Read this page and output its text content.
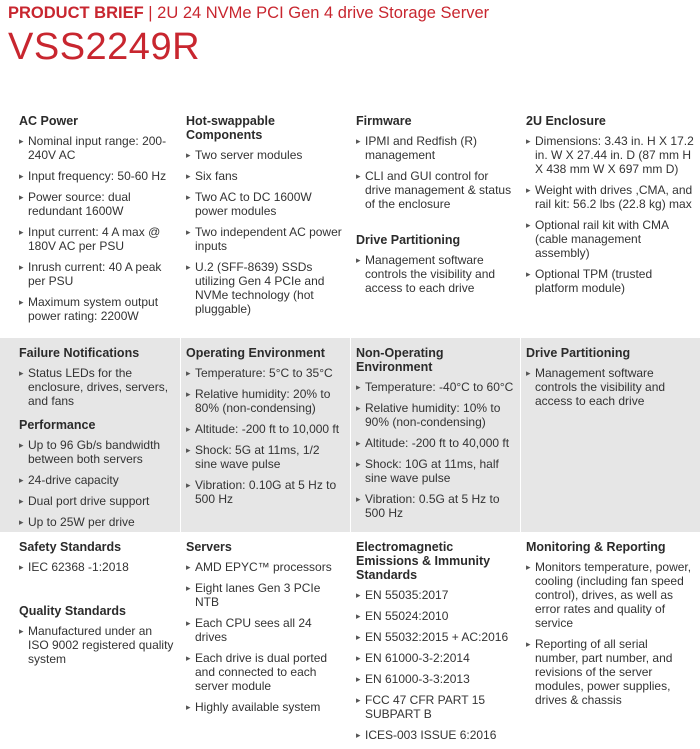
PRODUCT BRIEF | 2U 24 NVMe PCI Gen 4 drive Storage Server
VSS2249R
AC Power
▸ Nominal input range: 200-240V AC
▸ Input frequency: 50-60 Hz
▸ Power source: dual redundant 1600W
▸ Input current: 4 A max @ 180V AC per PSU
▸ Inrush current: 40 A peak per PSU
▸ Maximum system output power rating: 2200W
Hot-swappable Components
▸ Two server modules
▸ Six fans
▸ Two AC to DC 1600W power modules
▸ Two independent AC power inputs
▸ U.2 (SFF-8639) SSDs utilizing Gen 4 PCIe and NVMe technology (hot pluggable)
Firmware
▸ IPMI and Redfish (R) management
▸ CLI and GUI control for drive management & status of the enclosure
Drive Partitioning
▸ Management software controls the visibility and access to each drive
2U Enclosure
▸ Dimensions: 3.43 in. H X 17.2 in. W X 27.44 in. D (87 mm H X 438 mm W X 697 mm D)
▸ Weight with drives ,CMA, and rail kit: 56.2 lbs (22.8 kg) max
▸ Optional rail kit with CMA (cable management assembly)
▸ Optional TPM (trusted platform module)
Failure Notifications
▸ Status LEDs for the enclosure, drives, servers, and fans
Performance
▸ Up to 96 Gb/s bandwidth between both servers
▸ 24-drive capacity
▸ Dual port drive support
▸ Up to 25W per drive
Operating Environment
▸ Temperature: 5°C to 35°C
▸ Relative humidity: 20% to 80% (non-condensing)
▸ Altitude: -200 ft to 10,000 ft
▸ Shock: 5G at 11ms, 1/2 sine wave pulse
▸ Vibration: 0.10G at 5 Hz to 500 Hz
Non-Operating Environment
▸ Temperature: -40°C to 60°C
▸ Relative humidity: 10% to 90% (non-condensing)
▸ Altitude: -200 ft to 40,000 ft
▸ Shock: 10G at 11ms, half sine wave pulse
▸ Vibration: 0.5G at 5 Hz to 500 Hz
Drive Partitioning
▸ Management software controls the visibility and access to each drive
Safety Standards
▸ IEC 62368 -1:2018
Quality Standards
▸ Manufactured under an ISO 9002 registered quality system
Servers
▸ AMD EPYC™ processors
▸ Eight lanes Gen 3 PCIe NTB
▸ Each CPU sees all 24 drives
▸ Each drive is dual ported and connected to each server module
▸ Highly available system
Electromagnetic Emissions & Immunity Standards
▸ EN 55035:2017
▸ EN 55024:2010
▸ EN 55032:2015 + AC:2016
▸ EN 61000-3-2:2014
▸ EN 61000-3-3:2013
▸ FCC 47 CFR PART 15 SUBPART B
▸ ICES-003 ISSUE 6:2016
Monitoring & Reporting
▸ Monitors temperature, power, cooling (including fan speed control), drives, as well as error rates and quality of service
▸ Reporting of all serial number, part number, and revisions of the server modules, power supplies, drives & chassis
